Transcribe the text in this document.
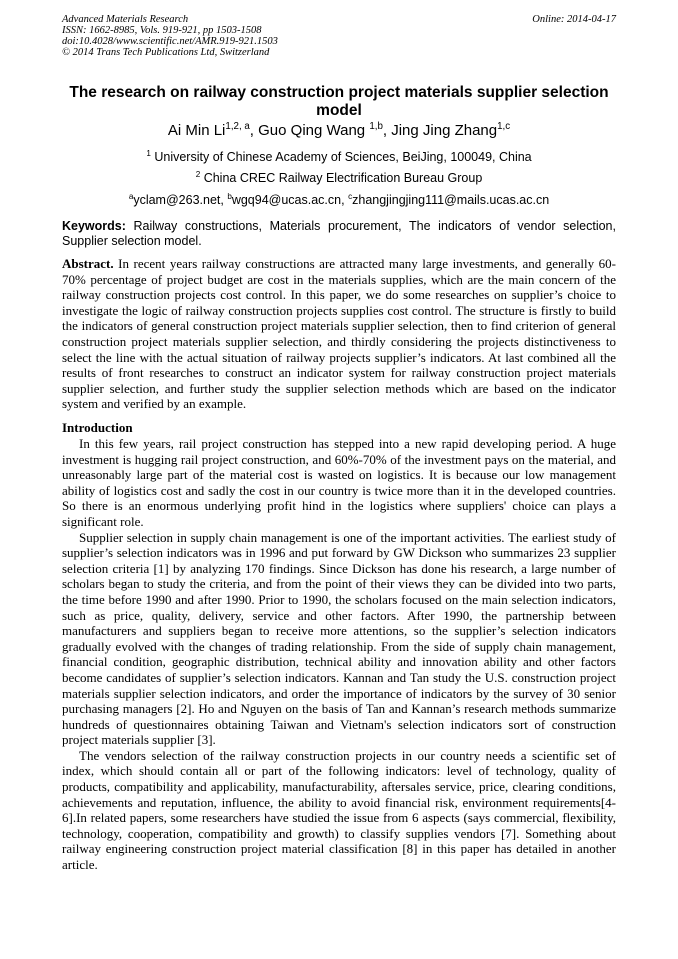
Advanced Materials Research
ISSN: 1662-8985, Vols. 919-921, pp 1503-1508
doi:10.4028/www.scientific.net/AMR.919-921.1503
© 2014 Trans Tech Publications Ltd, Switzerland
Online: 2014-04-17
The research on railway construction project materials supplier selection model
Ai Min Li$^{1,2, a}$, Guo Qing Wang $^{1,b}$, Jing Jing Zhang$^{1,c}$
$^1$ University of Chinese Academy of Sciences, BeiJing, 100049, China
$^2$ China CREC Railway Electrification Bureau Group
$^a$yclam@263.net, $^b$wgq94@ucas.ac.cn, $^c$zhangjingjing111@mails.ucas.ac.cn
Keywords: Railway constructions, Materials procurement, The indicators of vendor selection, Supplier selection model.

Abstract. In recent years railway constructions are attracted many large investments, and generally 60-70% percentage of project budget are cost in the materials supplies, which are the main concern of the railway construction projects cost control. In this paper, we do some researches on supplier’s choice to investigate the logic of railway construction projects supplies cost control. The structure is firstly to build the indicators of general construction project materials supplier selection, then to find criterion of general construction project materials supplier selection, and thirdly considering the projects distinctiveness to select the line with the actual situation of railway projects supplier’s indicators. At last combined all the results of front researches to construct an indicator system for railway construction project materials supplier selection, and further study the supplier selection methods which are based on the indicator system and verified by an example.

Introduction

In this few years, rail project construction has stepped into a new rapid developing period. A huge investment is hugging rail project construction, and 60%-70% of the investment pays on the material, and unreasonably large part of the material cost is wasted on logistics. It is because our low management ability of logistics cost and sadly the cost in our country is twice more than it in the developed countries. So there is an enormous underlying profit hind in the logistics where suppliers' choice can plays a significant role.

Supplier selection in supply chain management is one of the important activities. The earliest study of supplier’s selection indicators was in 1996 and put forward by GW Dickson who summarizes 23 supplier selection criteria [1] by analyzing 170 findings. Since Dickson has done his research, a large number of scholars began to study the criteria, and from the point of their views they can be divided into two parts, the time before 1990 and after 1990. Prior to 1990, the scholars focused on the main selection indicators, such as price, quality, delivery, service and other factors. After 1990, the partnership between manufacturers and suppliers began to receive more attentions, so the supplier’s selection indicators gradually evolved with the changes of trading relationship. From the side of supply chain management, financial condition, geographic distribution, technical ability and innovation ability and other factors become candidates of supplier’s selection indicators. Kannan and Tan study the U.S. construction project materials supplier selection indicators, and order the importance of indicators by the survey of 30 senior purchasing managers [2]. Ho and Nguyen on the basis of Tan and Kannan’s research methods summarize hundreds of questionnaires obtaining Taiwan and Vietnam's selection indicators sort of construction project materials supplier [3].

The vendors selection of the railway construction projects in our country needs a scientific set of index, which should contain all or part of the following indicators: level of technology, quality of products, compatibility and applicability, manufacturability, aftersales service, price, clearing conditions, achievements and reputation, influence, the ability to avoid financial risk, environment requirements[4-6].In related papers, some researchers have studied the issue from 6 aspects (says commercial, flexibility, technology, cooperation, compatibility and growth) to classify supplies vendors [7]. Something about railway engineering construction project material classification [8] in this paper has detailed in another article.
